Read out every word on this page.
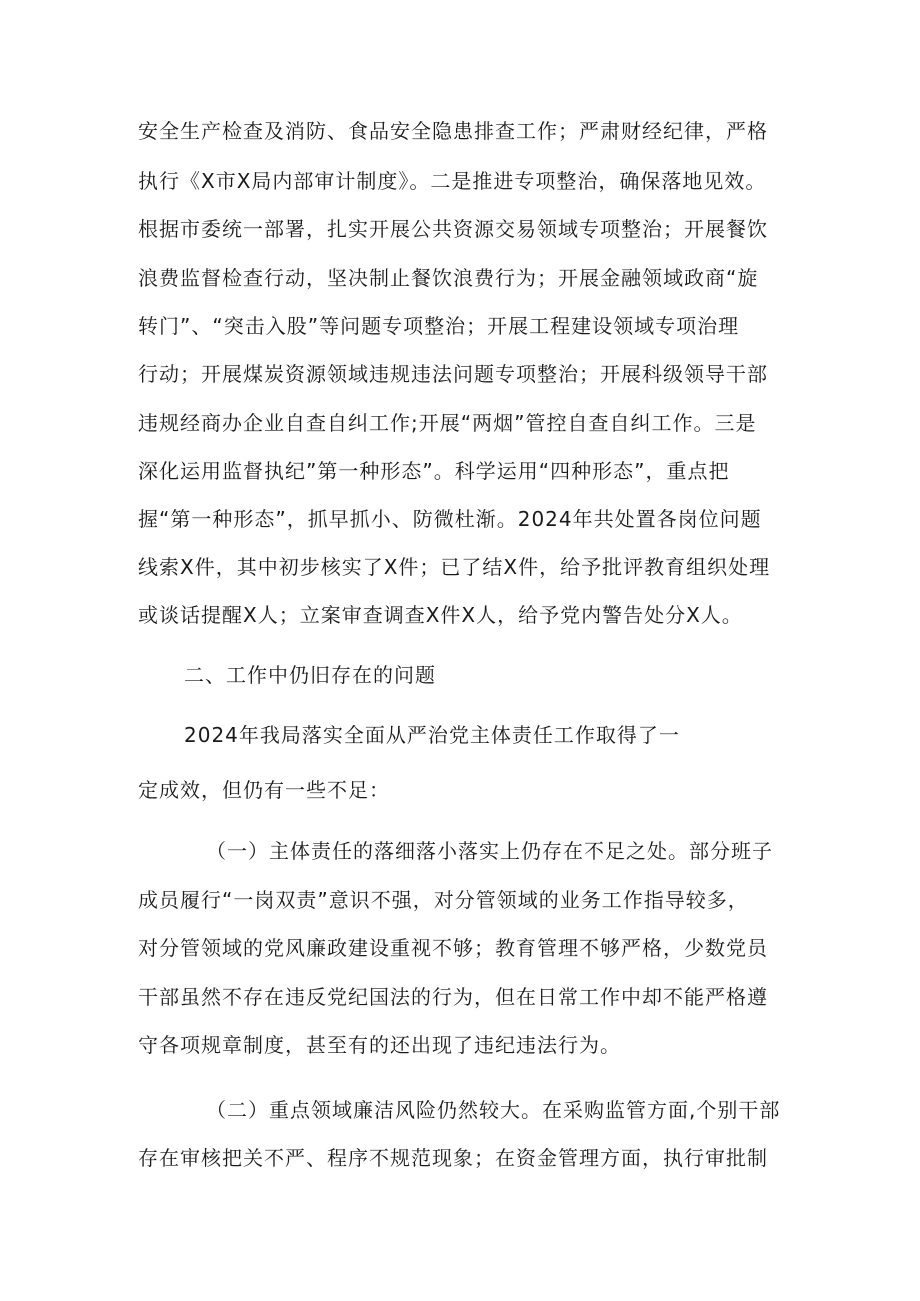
安全生产检查及消防、食品安全隐患排查工作；严肃财经纪律，严格
执行《X市X局内部审计制度》。二是推进专项整治，确保落地见效。
根据市委统一部署，扎实开展公共资源交易领域专项整治；开展餐饮
浪费监督检查行动，坚决制止餐饮浪费行为；开展金融领域政商“旋
转门”、“突击入股”等问题专项整治；开展工程建设领域专项治理
行动；开展煤炭资源领域违规违法问题专项整治；开展科级领导干部
违规经商办企业自查自纠工作;开展“两烟”管控自查自纠工作。三是
深化运用监督执纪”第一种形态”。科学运用“四种形态”，重点把
握“第一种形态”，抓早抓小、防微杜渐。2024年共处置各岗位问题
线索X件，其中初步核实了X件；已了结X件，给予批评教育组织处理
或谈话提醒X人；立案审查调查X件X人，给予党内警告处分X人。
二、工作中仍旧存在的问题
2024年我局落实全面从严治党主体责任工作取得了一
定成效，但仍有一些不足：
（一）主体责任的落细落小落实上仍存在不足之处。部分班子
成员履行“一岗双责”意识不强，对分管领域的业务工作指导较多，
对分管领域的党风廉政建设重视不够；教育管理不够严格，少数党员
干部虽然不存在违反党纪国法的行为，但在日常工作中却不能严格遵
守各项规章制度，甚至有的还出现了违纪违法行为。
（二）重点领域廉洁风险仍然较大。在采购监管方面,个别干部
存在审核把关不严、程序不规范现象；在资金管理方面，执行审批制
